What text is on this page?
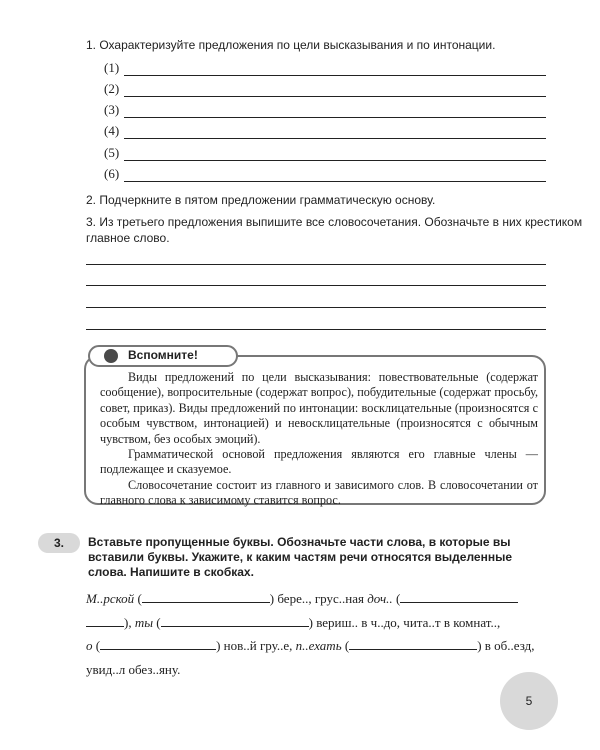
1. Охарактеризуйте предложения по цели высказывания и по интонации.
(1)
(2)
(3)
(4)
(5)
(6)
2. Подчеркните в пятом предложении грамматическую основу.
3. Из третьего предложения выпишите все словосочетания. Обозначьте в них крестиком
главное слово.
Вспомните!

Виды предложений по цели высказывания: повествовательные (содержат сообщение), вопросительные (содержат вопрос), побудительные (содержат просьбу, совет, приказ). Виды предложений по интонации: восклицательные (произносятся с особым чувством, интонацией) и невосклицательные (произносятся с обычным чувством, без особых эмоций).

Грамматической основой предложения являются его главные члены — подлежащее и сказуемое.

Словосочетание состоит из главного и зависимого слов. В словосочетании от главного слова к зависимому ставится вопрос.

3.	Вставьте пропущенные буквы. Обозначьте части слова, в которые вы вставили буквы. Укажите, к каким частям речи относятся выделенные слова. Напишите в скобках.
М..рской (	) бере.., грус..ная доч.. (
), ты (	) вериш.. в ч..до, чита..т в комнат..,
о (	) нов..й гру..е, п..ехать (	) в об..езд,
увид..л обез..яну.
5
